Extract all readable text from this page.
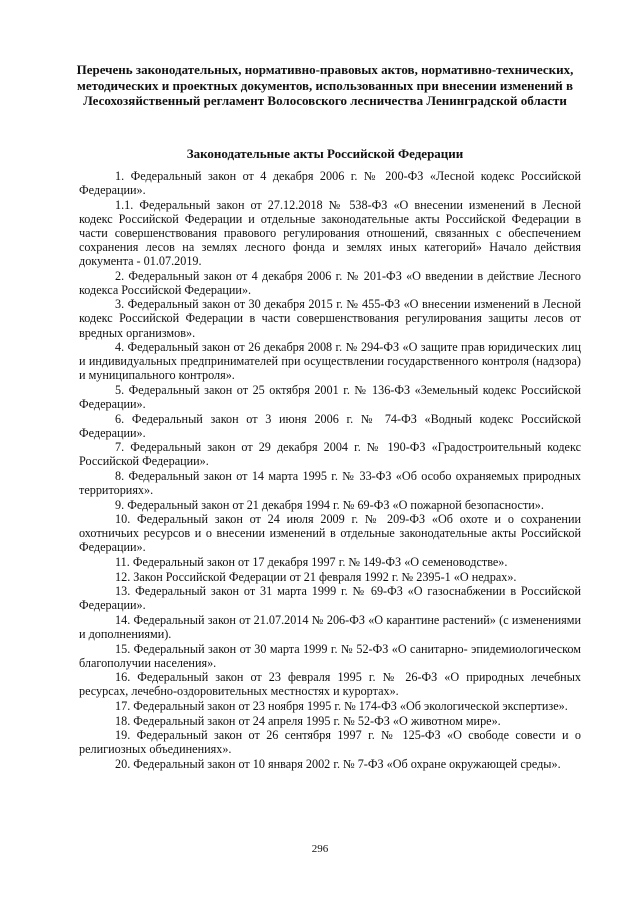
Перечень законодательных, нормативно-правовых актов, нормативно-технических, методических и проектных документов, использованных при внесении изменений в Лесохозяйственный регламент Волосовского лесничества Ленинградской области
Законодательные акты Российской Федерации
1. Федеральный закон от 4 декабря 2006 г. № 200-ФЗ «Лесной кодекс Российской Федерации».
1.1. Федеральный закон от 27.12.2018 № 538-ФЗ «О внесении изменений в Лесной кодекс Российской Федерации и отдельные законодательные акты Российской Федерации в части совершенствования правового регулирования отношений, связанных с обеспечением сохранения лесов на землях лесного фонда и землях иных категорий» Начало действия документа - 01.07.2019.
2. Федеральный закон от 4 декабря 2006 г. № 201-ФЗ «О введении в действие Лесного кодекса Российской Федерации».
3. Федеральный закон от 30 декабря 2015 г. № 455-ФЗ «О внесении изменений в Лесной кодекс Российской Федерации в части совершенствования регулирования защиты лесов от вредных организмов».
4. Федеральный закон от 26 декабря 2008 г. № 294-ФЗ «О защите прав юридических лиц и индивидуальных предпринимателей при осуществлении государственного контроля (надзора) и муниципального контроля».
5. Федеральный закон от 25 октября 2001 г. № 136-ФЗ «Земельный кодекс Российской Федерации».
6. Федеральный закон от 3 июня 2006 г. № 74-ФЗ «Водный кодекс Российской Федерации».
7. Федеральный закон от 29 декабря 2004 г. № 190-ФЗ «Градостроительный кодекс Российской Федерации».
8. Федеральный закон от 14 марта 1995 г. № 33-ФЗ «Об особо охраняемых природных территориях».
9. Федеральный закон от 21 декабря 1994 г. № 69-ФЗ «О пожарной безопасности».
10. Федеральный закон от 24 июля 2009 г. № 209-ФЗ «Об охоте и о сохранении охотничьих ресурсов и о внесении изменений в отдельные законодательные акты Российской Федерации».
11. Федеральный закон от 17 декабря 1997 г. № 149-ФЗ «О семеноводстве».
12. Закон Российской Федерации от 21 февраля 1992 г. № 2395-1 «О недрах».
13. Федеральный закон от 31 марта 1999 г. № 69-ФЗ «О газоснабжении в Российской Федерации».
14. Федеральный закон от 21.07.2014 № 206-ФЗ «О карантине растений» (с изменениями и дополнениями).
15. Федеральный закон от 30 марта 1999 г. № 52-ФЗ «О санитарно- эпидемиологическом благополучии населения».
16. Федеральный закон от 23 февраля 1995 г. № 26-ФЗ «О природных лечебных ресурсах, лечебно-оздоровительных местностях и курортах».
17. Федеральный закон от 23 ноября 1995 г. № 174-ФЗ «Об экологической экспертизе».
18. Федеральный закон от 24 апреля 1995 г. № 52-ФЗ «О животном мире».
19. Федеральный закон от 26 сентября 1997 г. № 125-ФЗ «О свободе совести и о религиозных объединениях».
20. Федеральный закон от 10 января 2002 г. № 7-ФЗ «Об охране окружающей среды».
296
